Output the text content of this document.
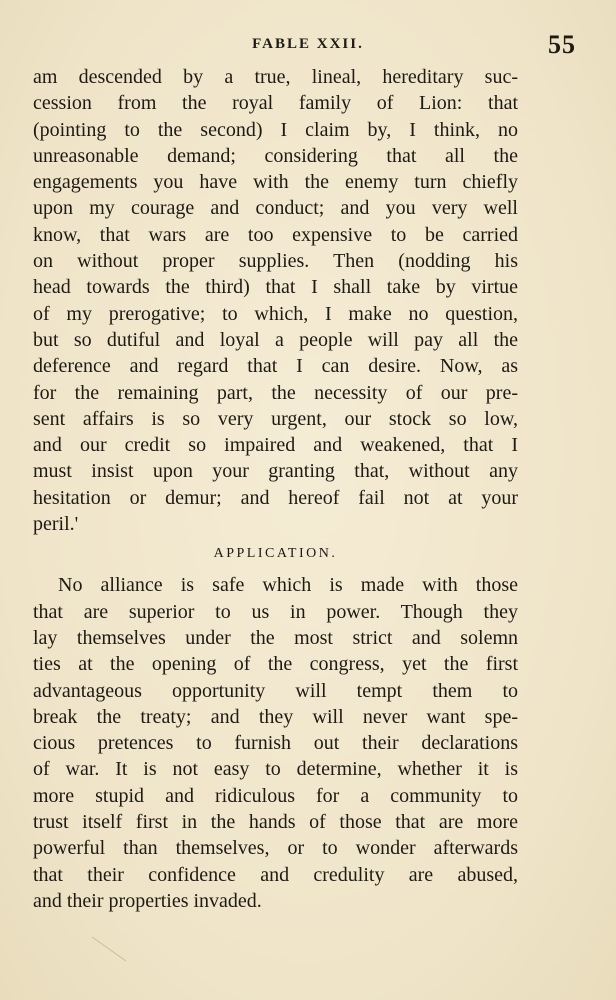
FABLE XXII.	55
am descended by a true, lineal, hereditary suc-
cession from the royal family of Lion: that
(pointing to the second) I claim by, I think, no
unreasonable demand; considering that all the
engagements you have with the enemy turn chiefly
upon my courage and conduct; and you very well
know, that wars are too expensive to be carried
on without proper supplies. Then (nodding his
head towards the third) that I shall take by virtue
of my prerogative; to which, I make no question,
but so dutiful and loyal a people will pay all the
deference and regard that I can desire. Now, as
for the remaining part, the necessity of our pre-
sent affairs is so very urgent, our stock so low,
and our credit so impaired and weakened, that I
must insist upon your granting that, without any
hesitation or demur; and hereof fail not at your
peril.'
APPLICATION.
No alliance is safe which is made with those
that are superior to us in power. Though they
lay themselves under the most strict and solemn
ties at the opening of the congress, yet the first
advantageous opportunity will tempt them to
break the treaty; and they will never want spe-
cious pretences to furnish out their declarations
of war. It is not easy to determine, whether it is
more stupid and ridiculous for a community to
trust itself first in the hands of those that are more
powerful than themselves, or to wonder afterwards
that their confidence and credulity are abused,
and their properties invaded.
